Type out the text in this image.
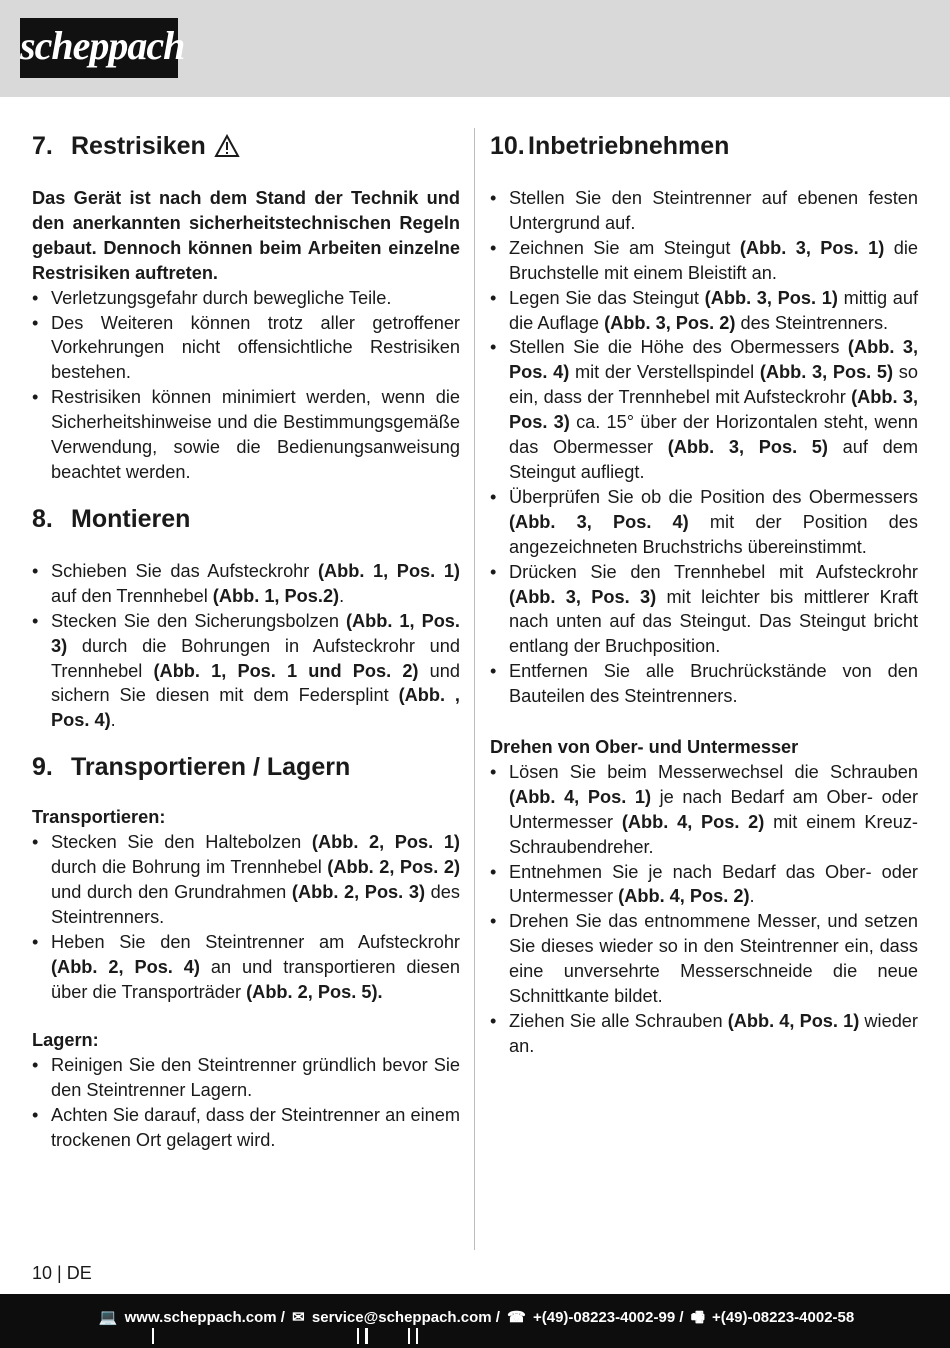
scheppach
7. Restrisiken

Das Gerät ist nach dem Stand der Technik und den anerkannten sicherheitstechnischen Regeln gebaut. Dennoch können beim Arbeiten einzelne Restrisiken auftreten.

• Verletzungsgefahr durch bewegliche Teile.
• Des Weiteren können trotz aller getroffener Vorkehrungen nicht offensichtliche Restrisiken bestehen.
• Restrisiken können minimiert werden, wenn die Sicherheitshinweise und die Bestimmungsgemäße Verwendung, sowie die Bedienungsanweisung beachtet werden.
8. Montieren
• Schieben Sie das Aufsteckrohr (Abb. 1, Pos. 1) auf den Trennhebel (Abb. 1, Pos.2).
• Stecken Sie den Sicherungsbolzen (Abb. 1, Pos. 3) durch die Bohrungen in Aufsteckrohr und Trennhebel (Abb. 1, Pos. 1 und Pos. 2) und sichern Sie diesen mit dem Federsplint (Abb. , Pos. 4).
9. Transportieren / Lagern

Transportieren:

• Stecken Sie den Haltebolzen (Abb. 2, Pos. 1) durch die Bohrung im Trennhebel (Abb. 2, Pos. 2) und durch den Grundrahmen (Abb. 2, Pos. 3) des Steintrenners.
• Heben Sie den Steintrenner am Aufsteckrohr (Abb. 2, Pos. 4) an und transportieren diesen über die Transporträder (Abb. 2, Pos. 5).

Lagern:

• Reinigen Sie den Steintrenner gründlich bevor Sie den Steintrenner Lagern.
• Achten Sie darauf, dass der Steintrenner an einem trockenen Ort gelagert wird.
10. Inbetriebnehmen
• Stellen Sie den Steintrenner auf ebenen festen Untergrund auf.
• Zeichnen Sie am Steingut (Abb. 3, Pos. 1) die Bruchstelle mit einem Bleistift an.
• Legen Sie das Steingut (Abb. 3, Pos. 1) mittig auf die Auflage (Abb. 3, Pos. 2) des Steintrenners.
• Stellen Sie die Höhe des Obermessers (Abb. 3, Pos. 4) mit der Verstellspindel (Abb. 3, Pos. 5) so ein, dass der Trennhebel mit Aufsteckrohr (Abb. 3, Pos. 3) ca. 15° über der Horizontalen steht, wenn das Obermesser (Abb. 3, Pos. 5) auf dem Steingut aufliegt.
• Überprüfen Sie ob die Position des Obermessers (Abb. 3, Pos. 4) mit der Position des angezeichneten Bruchstrichs übereinstimmt.
• Drücken Sie den Trennhebel mit Aufsteckrohr (Abb. 3, Pos. 3) mit leichter bis mittlerer Kraft nach unten auf das Steingut. Das Steingut bricht entlang der Bruchposition.
• Entfernen Sie alle Bruchrückstände von den Bauteilen des Steintrenners.

Drehen von Ober- und Untermesser

• Lösen Sie beim Messerwechsel die Schrauben (Abb. 4, Pos. 1) je nach Bedarf am Ober- oder Untermesser (Abb. 4, Pos. 2) mit einem Kreuz-Schraubendreher.
• Entnehmen Sie je nach Bedarf das Ober- oder Untermesser (Abb. 4, Pos. 2).
• Drehen Sie das entnommene Messer, und setzen Sie dieses wieder so in den Steintrenner ein, dass eine unversehrte Messerschneide die neue Schnittkante bildet.
• Ziehen Sie alle Schrauben (Abb. 4, Pos. 1) wieder an.
10 | DE
💻 www.scheppach.com / ✉ service@scheppach.com / ☎ +(49)-08223-4002-99 / 🖷 +(49)-08223-4002-58
